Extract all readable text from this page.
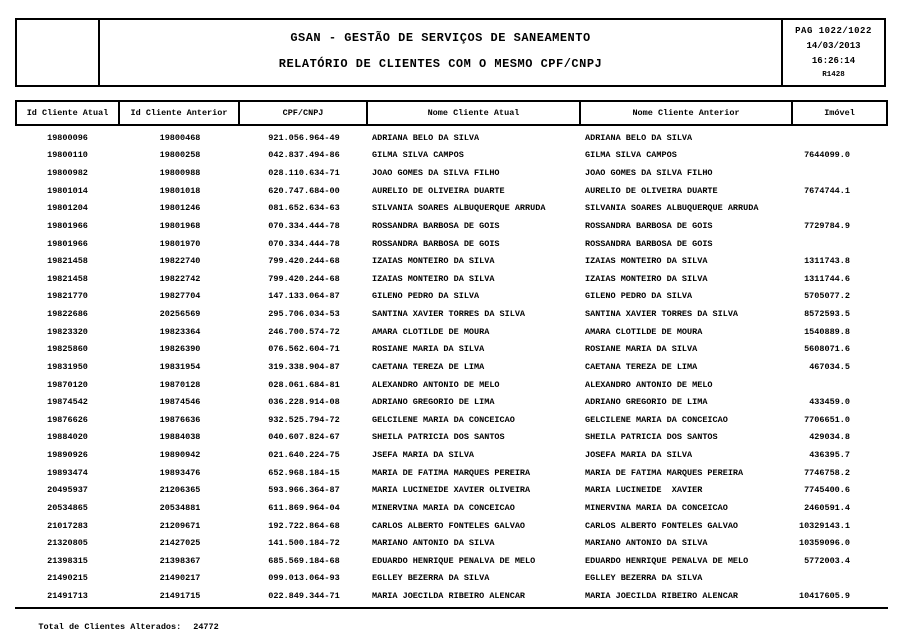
GSAN - GESTÃO DE SERVIÇOS DE SANEAMENTO
RELATÓRIO DE CLIENTES COM O MESMO CPF/CNPJ
PAG 1022/1022
14/03/2013
16:26:14
R1428
Id Cliente Atual	Id Cliente Anterior	CPF/CNPJ	Nome Cliente Atual	Nome Cliente Anterior	Imóvel
19800096	19800468	921.056.964-49	ADRIANA BELO DA SILVA	ADRIANA BELO DA SILVA
19800110	19800258	042.837.494-86	GILMA SILVA CAMPOS	GILMA SILVA CAMPOS	7644099.0
19800982	19800988	028.110.634-71	JOAO GOMES DA SILVA FILHO	JOAO GOMES DA SILVA FILHO
19801014	19801018	620.747.684-00	AURELIO DE OLIVEIRA DUARTE	AURELIO DE OLIVEIRA DUARTE	7674744.1
19801204	19801246	081.652.634-63	SILVANIA SOARES ALBUQUERQUE ARRUDA	SILVANIA SOARES ALBUQUERQUE ARRUDA
19801966	19801968	070.334.444-78	ROSSANDRA BARBOSA DE GOIS	ROSSANDRA BARBOSA DE GOIS	7729784.9
19801966	19801970	070.334.444-78	ROSSANDRA BARBOSA DE GOIS	ROSSANDRA BARBOSA DE GOIS
19821458	19822740	799.420.244-68	IZAIAS MONTEIRO DA SILVA	IZAIAS MONTEIRO DA SILVA	1311743.8
19821458	19822742	799.420.244-68	IZAIAS MONTEIRO DA SILVA	IZAIAS MONTEIRO DA SILVA	1311744.6
19821770	19827704	147.133.064-87	GILENO PEDRO DA SILVA	GILENO PEDRO DA SILVA	5705077.2
19822686	20256569	295.706.034-53	SANTINA XAVIER TORRES DA SILVA	SANTINA XAVIER TORRES DA SILVA	8572593.5
19823320	19823364	246.700.574-72	AMARA CLOTILDE DE MOURA	AMARA CLOTILDE DE MOURA	1540889.8
19825860	19826390	076.562.604-71	ROSIANE MARIA DA SILVA	ROSIANE MARIA DA SILVA	5608071.6
19831950	19831954	319.338.904-87	CAETANA TEREZA DE LIMA	CAETANA TEREZA DE LIMA	467034.5
19870120	19870128	028.061.684-81	ALEXANDRO ANTONIO DE MELO	ALEXANDRO ANTONIO DE MELO
19874542	19874546	036.228.914-08	ADRIANO GREGORIO DE LIMA	ADRIANO GREGORIO DE LIMA	433459.0
19876626	19876636	932.525.794-72	GELCILENE MARIA DA CONCEICAO	GELCILENE MARIA DA CONCEICAO	7706651.0
19884020	19884038	040.607.824-67	SHEILA PATRICIA DOS SANTOS	SHEILA PATRICIA DOS SANTOS	429034.8
19890926	19890942	021.640.224-75	JSEFA MARIA DA SILVA	JOSEFA MARIA DA SILVA	436395.7
19893474	19893476	652.968.184-15	MARIA DE FATIMA MARQUES PEREIRA	MARIA DE FATIMA MARQUES PEREIRA	7746758.2
20495937	21206365	593.966.364-87	MARIA LUCINEIDE XAVIER OLIVEIRA	MARIA LUCINEIDE  XAVIER	7745400.6
20534865	20534881	611.869.964-04	MINERVINA MARIA DA CONCEICAO	MINERVINA MARIA DA CONCEICAO	2460591.4
21017283	21209671	192.722.864-68	CARLOS ALBERTO FONTELES GALVAO	CARLOS ALBERTO FONTELES GALVAO	10329143.1
21320805	21427025	141.500.184-72	MARIANO ANTONIO DA SILVA	MARIANO ANTONIO DA SILVA	10359096.0
21398315	21398367	685.569.184-68	EDUARDO HENRIQUE PENALVA DE MELO	EDUARDO HENRIQUE PENALVA DE MELO	5772003.4
21490215	21490217	099.013.064-93	EGLLEY BEZERRA DA SILVA	EGLLEY BEZERRA DA SILVA
21491713	21491715	022.849.344-71	MARIA JOECILDA RIBEIRO ALENCAR	MARIA JOECILDA RIBEIRO ALENCAR	10417605.9

Total de Clientes Alterados: 24772
